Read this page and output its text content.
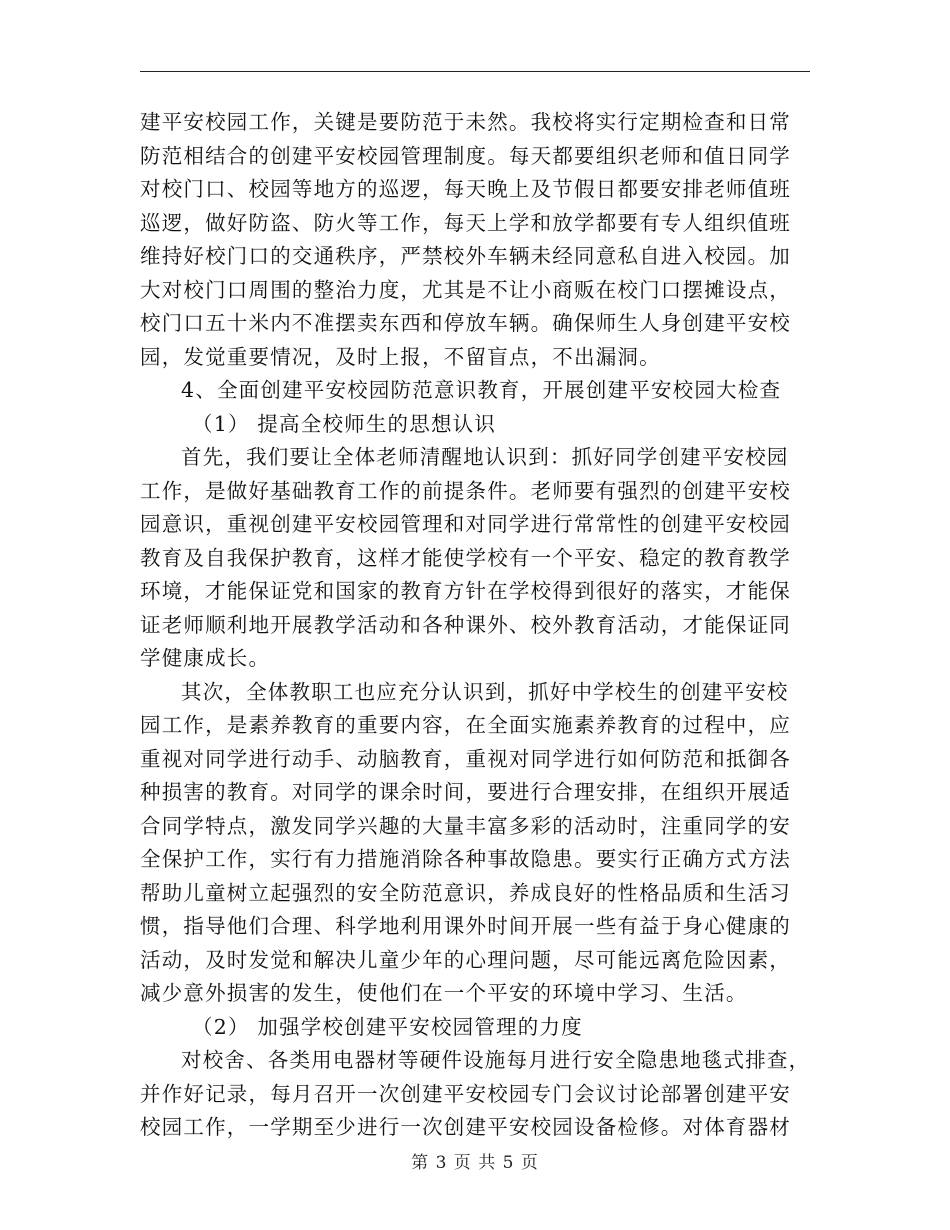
建平安校园工作，关键是要防范于未然。我校将实行定期检查和日常
防范相结合的创建平安校园管理制度。每天都要组织老师和值日同学
对校门口、校园等地方的巡逻，每天晚上及节假日都要安排老师值班
巡逻，做好防盗、防火等工作，每天上学和放学都要有专人组织值班
维持好校门口的交通秩序，严禁校外车辆未经同意私自进入校园。加
大对校门口周围的整治力度，尤其是不让小商贩在校门口摆摊设点，
校门口五十米内不准摆卖东西和停放车辆。确保师生人身创建平安校
园，发觉重要情况，及时上报，不留盲点，不出漏洞。
4、全面创建平安校园防范意识教育，开展创建平安校园大检查
（1） 提高全校师生的思想认识
首先，我们要让全体老师清醒地认识到：抓好同学创建平安校园
工作，是做好基础教育工作的前提条件。老师要有强烈的创建平安校
园意识，重视创建平安校园管理和对同学进行常常性的创建平安校园
教育及自我保护教育，这样才能使学校有一个平安、稳定的教育教学
环境，才能保证党和国家的教育方针在学校得到很好的落实，才能保
证老师顺利地开展教学活动和各种课外、校外教育活动，才能保证同
学健康成长。
其次，全体教职工也应充分认识到，抓好中学校生的创建平安校
园工作，是素养教育的重要内容，在全面实施素养教育的过程中，应
重视对同学进行动手、动脑教育，重视对同学进行如何防范和抵御各
种损害的教育。对同学的课余时间，要进行合理安排，在组织开展适
合同学特点，激发同学兴趣的大量丰富多彩的活动时，注重同学的安
全保护工作，实行有力措施消除各种事故隐患。要实行正确方式方法
帮助儿童树立起强烈的安全防范意识，养成良好的性格品质和生活习
惯，指导他们合理、科学地利用课外时间开展一些有益于身心健康的
活动，及时发觉和解决儿童少年的心理问题，尽可能远离危险因素，
减少意外损害的发生，使他们在一个平安的环境中学习、生活。
（2） 加强学校创建平安校园管理的力度
对校舍、各类用电器材等硬件设施每月进行安全隐患地毯式排查，
并作好记录，每月召开一次创建平安校园专门会议讨论部署创建平安
校园工作，一学期至少进行一次创建平安校园设备检修。对体育器材
第 3 页 共 5 页
